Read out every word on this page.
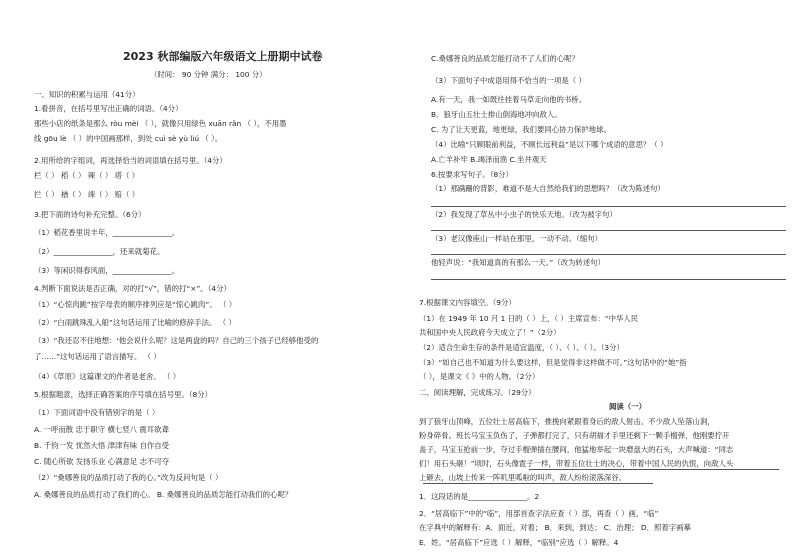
2023 秋部编版六年级语文上册期中试卷
（时间： 90 分钟 满分： 100 分）
一、知识的积累与运用（41分）
1.看拼音，在括号里写出正确的词语。（4分）
那些小店的纸条是那么 ròu mèi （ ），就像只用绿色 xuān rǎn （ ），不用墨
线 gōu lè （ ）的中国画那样，到处 cuì sè yù liú （ ）。
2.用所给的字组词，再选择恰当的词语填在括号里。（4分）
栏（ ） 稻（ ） 辣（ ） 塔（ ）
拦（ ） 楢（ ） 竦（ ） 赔（ ）
3.把下面的诗句补充完整。（6分）
（1）稻花香里说丰年，________________。
（2）________________，还来就菊花。
（3）等闲识得春风面，________________。
4.判断下面说法是否正确，对的打“√”，错的打“×”。（4分）
（1）“心惊肉跳”按字母表的顺序排列应是“惊心跳肉”。 （ ）
（2）“白雨跳珠乱入船”这句话运用了比喻的修辞手法。 （ ）
（3）“我还忍不住地想：‘他会说什么呢？这是两盘的吗？自己的三个孩子已经够他受的
了……”这句话运用了语言描写。 （ ）
（4）《草原》这篇课文的作者是老舍。 （ ）
5.根据题意，选择正确答案的序号填在括号里。（8分）
（1）下面词语中没有错别字的是（ ）
A. 一呼而散 忠于职守 横七竖八 震耳欲聋
B. 千钧一发 忧然大悟 津津有味 自作自受
C. 随心所欲 发扬乐业 心满意足 志不可夺
（2）“桑娜善良的品质打动了我的心。”改为反问句是（ ）
A. 桑娜善良的品质打动了我们的心。 B. 桑娜善良的品质怎能打动我们的心呢？
C.桑娜善良的品质怎能打动不了人们的心呢？
（3）下面句子中成语用得不恰当的一项是（ ）
A.有一天，我一如既往挂着马草走向他的书桥。
B．狼牙山五壮士排山倒海地冲向敌人。
C. 为了让天更蓝，地更绿，我们要同心协力保护地球。
（4）比喻“只顾眼前利益，不顾长远利益”是以下哪个成语的意思？（ ）
A.亡羊补牢 B.竭泽而渔 C.坐井观天
6.按要求写句子。（8分）
（1）那蹒跚的背影，难道不是大自然给我们的思想吗？（改为陈述句）
（2）我发现了草丛中小虫子的快乐天地。（改为被字句）
（3）老汉像座山一样站在那里，一动不动。（缩句）
他轻声说：“我知道真的有那么一天。”（改为转述句）
7.根据课文内容填空。（9分）
（1）在 1949 年 10 月 1 日的（ ）上，（ ）主席宣布：“中华人民
共和国中央人民政府今天成立了！”（2分）
（2）适合生命生存的条件是适宜温度，（ ）、（ ）、（ ）。（3分）
（3）“如自己也不知道为什么要这样，但是觉得非这样做不可。”这句话中的“她”指
（ ），是课文《 》中的人物。（2分）
二、阅读理解，完成练习。（29分）
阅读（一）
到了狼牙山顶峰，五位壮士居高临下，推挽向紧跟着身后的敌人射击。不少敌人坠落山涧，
粉身碎骨。班长马宝玉负伤了，子弹都打完了，只有胡福才手里还剩下一颗手榴弹，他刚要拧开
盖子，马宝玉抢前一步，夺过手榴弹插在腰间，他猛地举起一块磨盘大的石头，大声喊道：“同志
们！用石头砸！”顷时，石头像雹子一样，带着五位壮士的决心，带着中国人民的仇恨，向敌人头
上砸去，山坡上传来一阵叽里呱啦的叫声，敌人纷纷滚落深谷。
1．这段话的是________________。2
2．“居高临下”中的“临”，用部首查字法应查（ ）部，再查（ ）画，“临”
在字典中的解释有：A．面近，对着； B．来到，到达； C．治理； D．照着字画摹
E．姓。“居高临下”应选（ ）解释，“临别”应选（ ）解释。4
